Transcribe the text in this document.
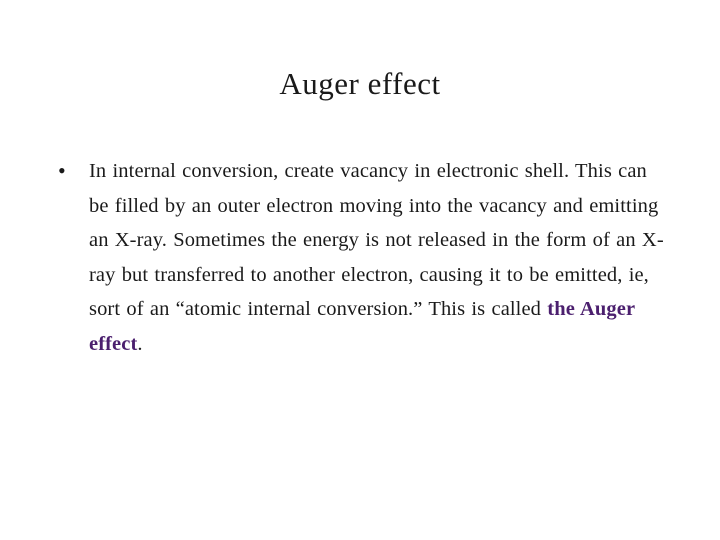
Auger effect
• In internal conversion, create vacancy in electronic shell. This can be filled by an outer electron moving into the vacancy and emitting an X-ray. Sometimes the energy is not released in the form of an X-ray but transferred to another electron, causing it to be emitted, ie, sort of an “atomic internal conversion.” This is called the Auger effect.
